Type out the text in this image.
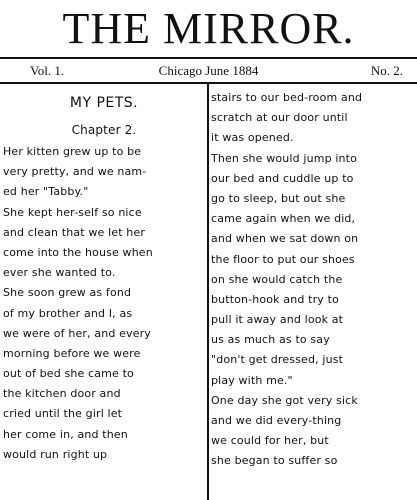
THE MIRROR.
Vol. 1.	Chicago June 1884	No. 2.
MY PETS.
Chapter 2.
Her kitten grew up to be
very pretty, and we nam-
ed her "Tabby."
She kept her-self so nice
and clean that we let her
come into the house when
ever she wanted to.
She soon grew as fond
of my brother and I, as
we were of her, and every
morning before we were
out of bed she came to
the kitchen door and
cried until the girl let
her come in, and then
would run right up
stairs to our bed-room and
scratch at our door until
it was opened.
Then she would jump into
our bed and cuddle up to
go to sleep, but out she
came again when we did,
and when we sat down on
the floor to put our shoes
on she would catch the
button-hook and try to
pull it away and look at
us as much as to say
"don't get dressed, just
play with me."
One day she got very sick
and we did every-thing
we could for her, but
she began to suffer so
